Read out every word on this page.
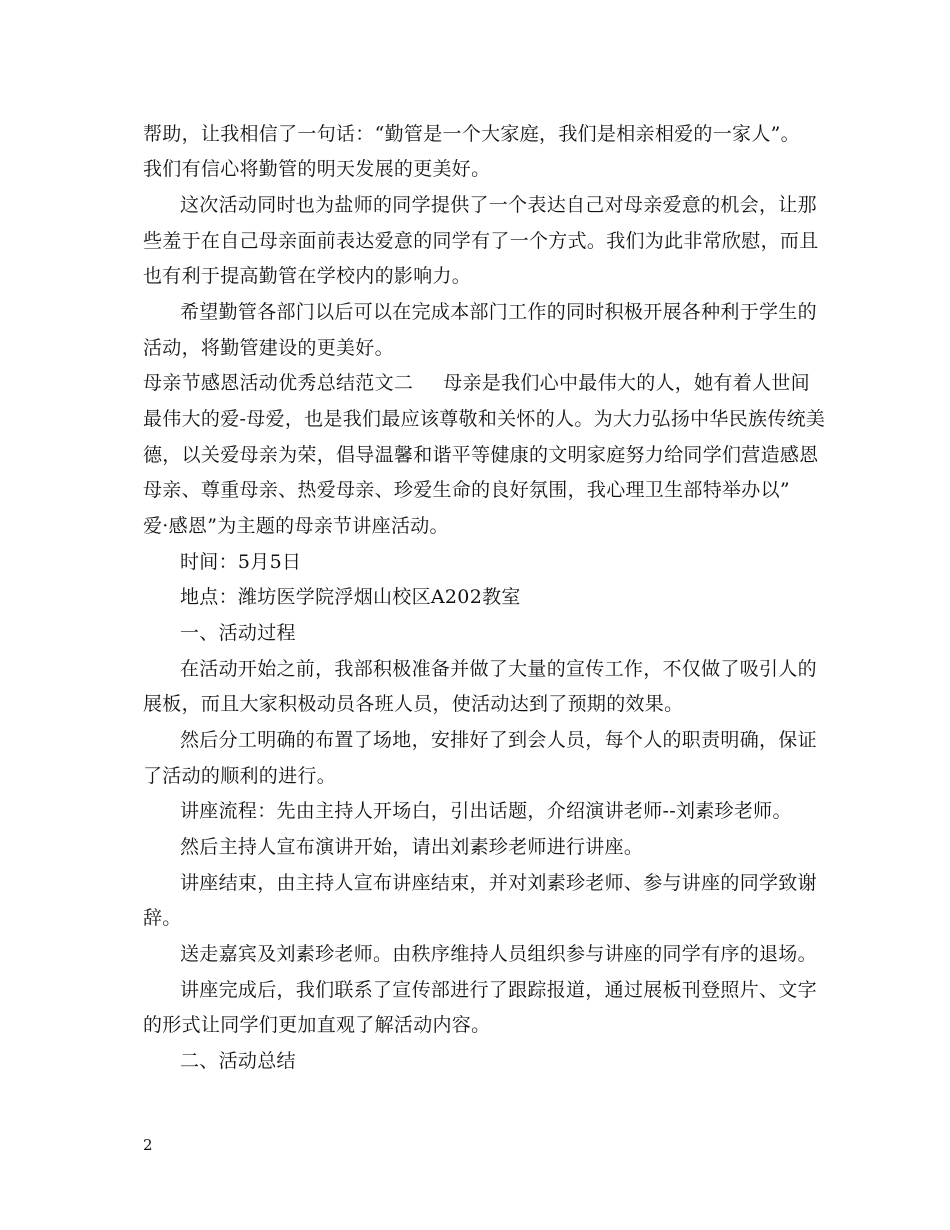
帮助，让我相信了一句话：“勤管是一个大家庭，我们是相亲相爱的一家人”。
我们有信心将勤管的明天发展的更美好。
这次活动同时也为盐师的同学提供了一个表达自己对母亲爱意的机会，让那
些羞于在自己母亲面前表达爱意的同学有了一个方式。我们为此非常欣慰，而且
也有利于提高勤管在学校内的影响力。
希望勤管各部门以后可以在完成本部门工作的同时积极开展各种利于学生的
活动，将勤管建设的更美好。
母亲节感恩活动优秀总结范文二 母亲是我们心中最伟大的人，她有着人世间
最伟大的爱-母爱，也是我们最应该尊敬和关怀的人。为大力弘扬中华民族传统美
德，以关爱母亲为荣，倡导温馨和谐平等健康的文明家庭努力给同学们营造感恩
母亲、尊重母亲、热爱母亲、珍爱生命的良好氛围，我心理卫生部特举办以”
爱·感恩”为主题的母亲节讲座活动。
时间：5月5日
地点：潍坊医学院浮烟山校区A202教室
一、活动过程
在活动开始之前，我部积极准备并做了大量的宣传工作，不仅做了吸引人的
展板，而且大家积极动员各班人员，使活动达到了预期的效果。
然后分工明确的布置了场地，安排好了到会人员，每个人的职责明确，保证
了活动的顺利的进行。
讲座流程：先由主持人开场白，引出话题，介绍演讲老师--刘素珍老师。
然后主持人宣布演讲开始，请出刘素珍老师进行讲座。
讲座结束，由主持人宣布讲座结束，并对刘素珍老师、参与讲座的同学致谢
辞。
送走嘉宾及刘素珍老师。由秩序维持人员组织参与讲座的同学有序的退场。
讲座完成后，我们联系了宣传部进行了跟踪报道，通过展板刊登照片、文字
的形式让同学们更加直观了解活动内容。
二、活动总结
2
